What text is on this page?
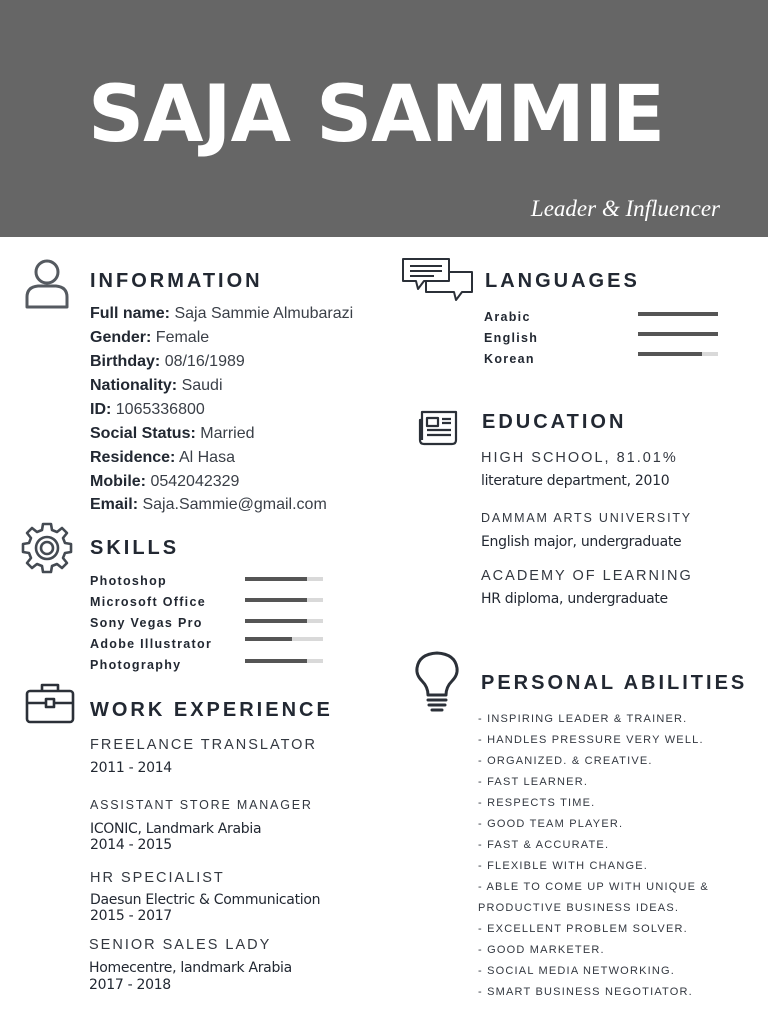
SAJA SAMMIE
Leader & Influencer
INFORMATION
Full name: Saja Sammie Almubarazi
Gender: Female
Birthday: 08/16/1989
Nationality: Saudi
ID: 1065336800
Social Status: Married
Residence: Al Hasa
Mobile: 0542042329
Email: Saja.Sammie@gmail.com
SKILLS
Photoshop
Microsoft Office
Sony Vegas Pro
Adobe Illustrator
Photography
WORK EXPERIENCE
FREELANCE TRANSLATOR
2011 - 2014
ASSISTANT STORE MANAGER
ICONIC, Landmark Arabia
2014 - 2015
HR SPECIALIST
Daesun Electric & Communication
2015 - 2017
SENIOR SALES LADY
Homecentre, landmark Arabia
2017 - 2018
LANGUAGES
Arabic
English
Korean
EDUCATION
HIGH SCHOOL, 81.01%
literature department, 2010
DAMMAM ARTS UNIVERSITY
English major, undergraduate
ACADEMY OF LEARNING
HR diploma, undergraduate
PERSONAL ABILITIES
- INSPIRING LEADER & TRAINER.
- HANDLES PRESSURE VERY WELL.
- ORGANIZED. & CREATIVE.
- FAST LEARNER.
- RESPECTS TIME.
- GOOD TEAM PLAYER.
- FAST & ACCURATE.
- FLEXIBLE WITH CHANGE.
- ABLE TO COME UP WITH UNIQUE &
PRODUCTIVE BUSINESS IDEAS.
- EXCELLENT PROBLEM SOLVER.
- GOOD MARKETER.
- SOCIAL MEDIA NETWORKING.
- SMART BUSINESS NEGOTIATOR.
